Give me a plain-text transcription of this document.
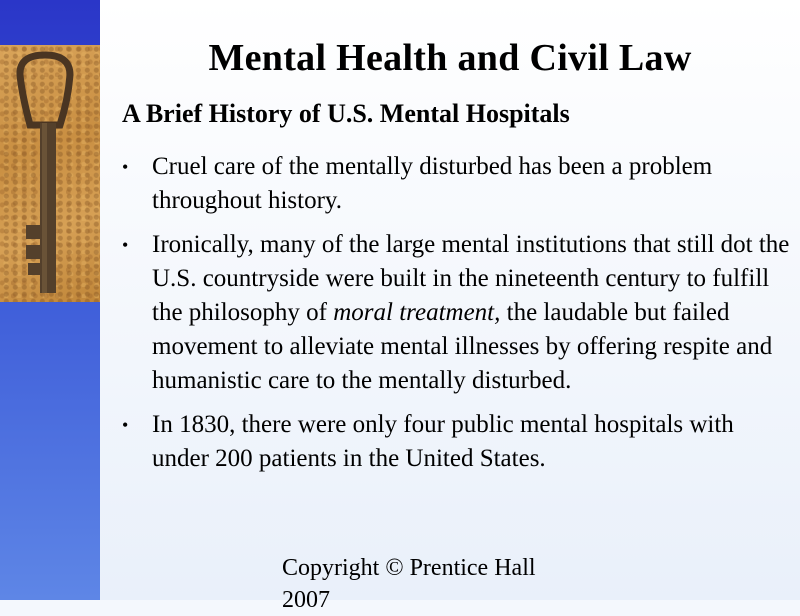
Mental Health and Civil Law
A Brief History of U.S. Mental Hospitals
• Cruel care of the mentally disturbed has been a problem throughout history.
• Ironically, many of the large mental institutions that still dot the U.S. countryside were built in the nineteenth century to fulfill the philosophy of moral treatment, the laudable but failed movement to alleviate mental illnesses by offering respite and humanistic care to the mentally disturbed.
• In 1830, there were only four public mental hospitals with under 200 patients in the United States.
Copyright © Prentice Hall 2007
